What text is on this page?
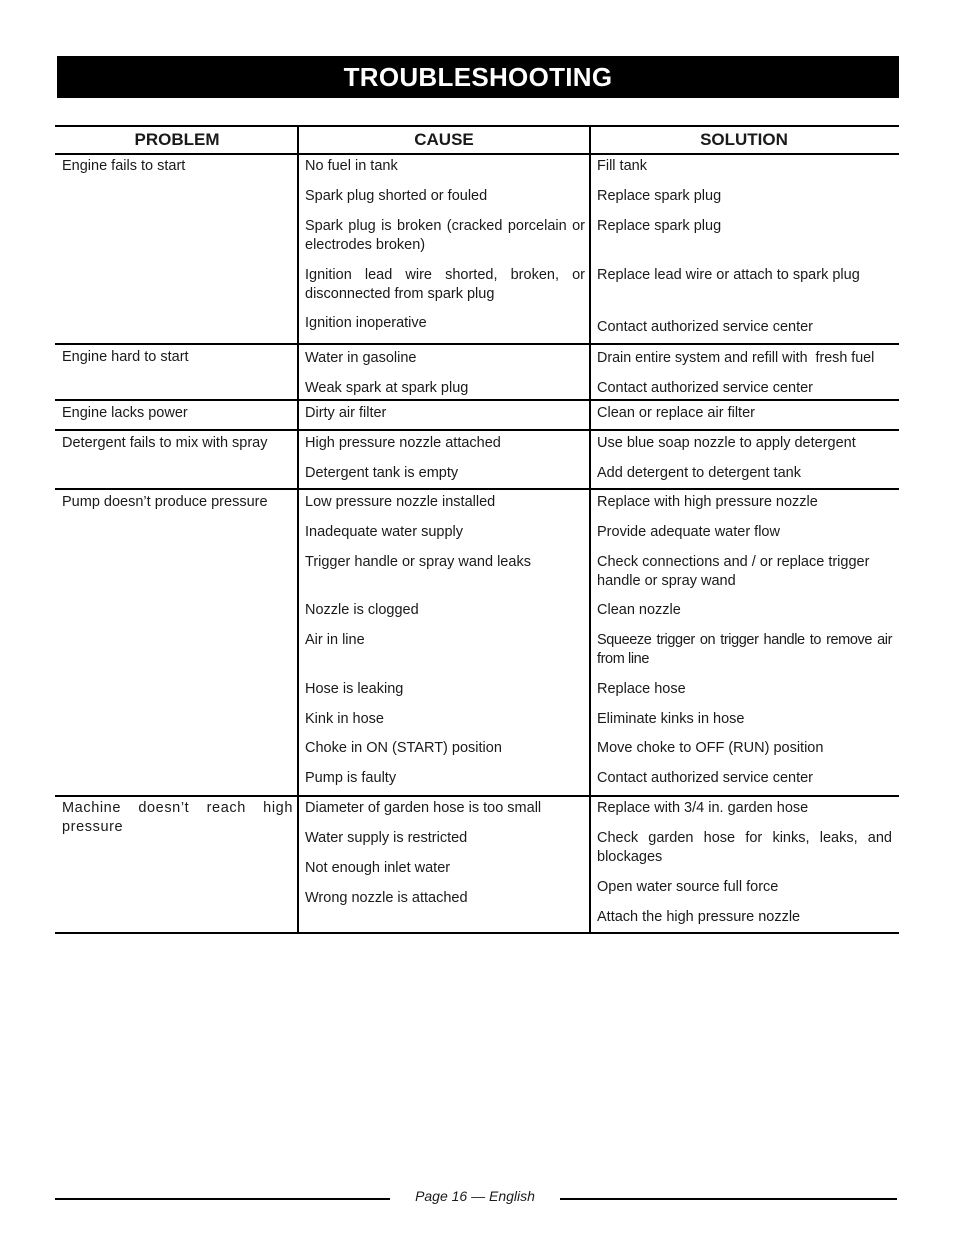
TROUBLESHOOTING
PROBLEM	CAUSE	SOLUTION

Engine fails to start

Engine hard to start

Engine lacks power

Detergent fails to mix with spray

Pump doesn’t produce pressure

Machine doesn’t reach high pressure

No fuel in tank

Spark plug shorted or fouled

Spark plug is broken (cracked porcelain or electrodes broken)

Ignition lead wire shorted, broken, or disconnected from spark plug

Ignition inoperative

Water in gasoline

Weak spark at spark plug

Dirty air filter

High pressure nozzle attached

Detergent tank is empty

Low pressure nozzle installed

Inadequate water supply

Trigger handle or spray wand leaks

Nozzle is clogged

Air in line

Hose is leaking

Kink in hose

Choke in ON (START) position

Pump is faulty

Diameter of garden hose is too small

Water supply is restricted

Not enough inlet water

Wrong nozzle is attached

Fill tank

Replace spark plug

Replace spark plug

Replace lead wire or attach to spark plug

Contact authorized service center

Drain entire system and refill with  fresh fuel

Contact authorized service center

Clean or replace air filter

Use blue soap nozzle to apply detergent

Add detergent to detergent tank

Replace with high pressure nozzle

Provide adequate water flow

Check connections and / or replace trigger handle or spray wand

Clean nozzle

Squeeze trigger on trigger handle to remove air from line

Replace hose

Eliminate kinks in hose

Move choke to OFF (RUN) position

Contact authorized service center

Replace with 3/4 in. garden hose

Check garden hose for kinks, leaks, and blockages

Open water source full force

Attach the high pressure nozzle

Page 16 — English
